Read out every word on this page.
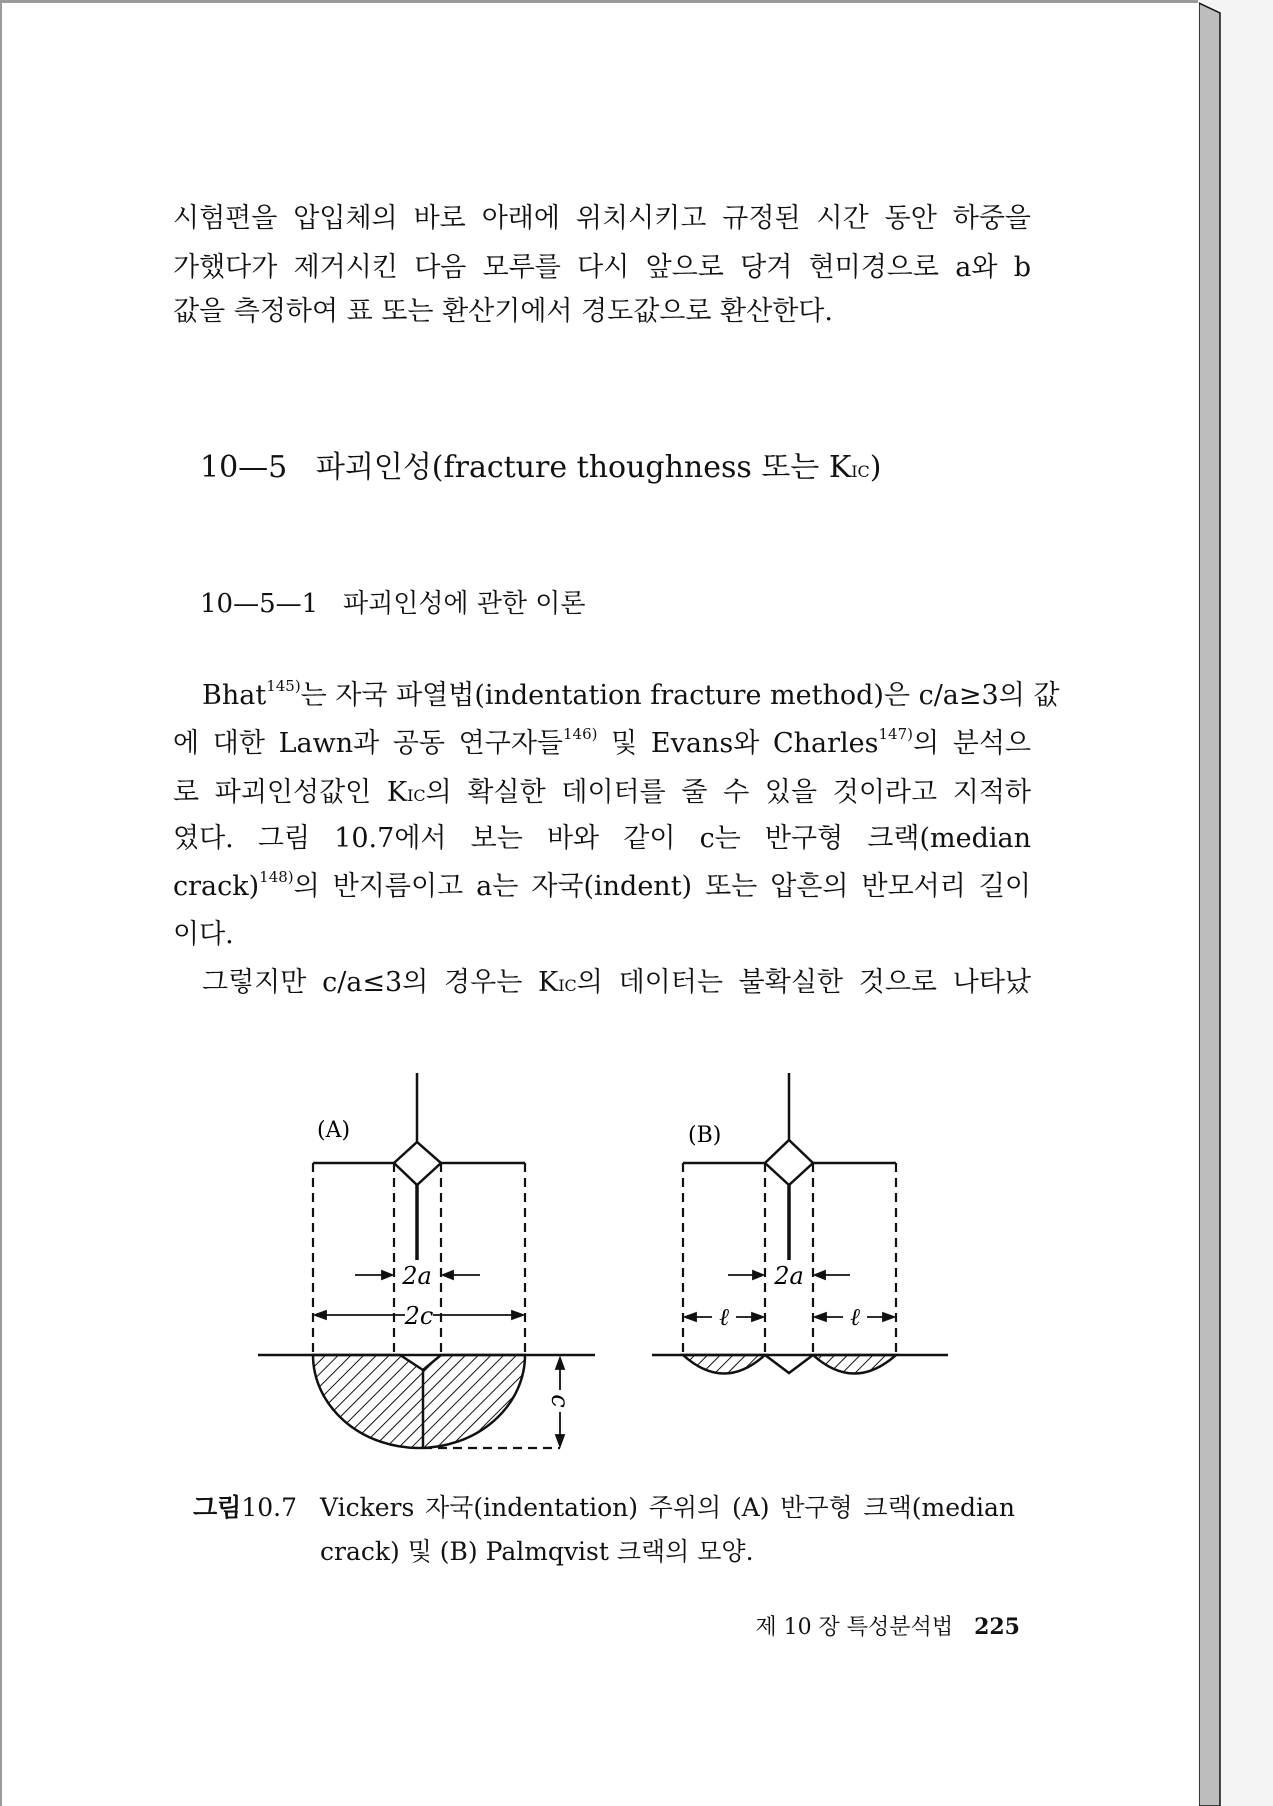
시험편을 압입체의 바로 아래에 위치시키고 규정된 시간 동안 하중을
가했다가 제거시킨 다음 모루를 다시 앞으로 당겨 현미경으로 a와 b
값을 측정하여 표 또는 환산기에서 경도값으로 환산한다.
10—5 파괴인성(fracture thoughness 또는 KIC)
10—5—1 파괴인성에 관한 이론
Bhat$^{145)}$는 자국 파열법(indentation fracture method)은 c/a≥3의 값
에 대한 Lawn과 공동 연구자들$^{146)}$ 및 Evans와 Charles$^{147)}$의 분석으
로 파괴인성값인 KIC의 확실한 데이터를 줄 수 있을 것이라고 지적하
였다. 그림 10.7에서 보는 바와 같이 c는 반구형 크랙(median
crack)$^{148)}$의 반지름이고 a는 자국(indent) 또는 압흔의 반모서리 길이
이다.
그렇지만 c/a≤3의 경우는 KIC의 데이터는 불확실한 것으로 나타났
(A)
2a
2c
c
(B)
2a
ℓ	ℓ
그림10.7 Vickers 자국(indentation) 주위의 (A) 반구형 크랙(median
crack) 및 (B) Palmqvist 크랙의 모양.
제 10 장 특성분석법 225
